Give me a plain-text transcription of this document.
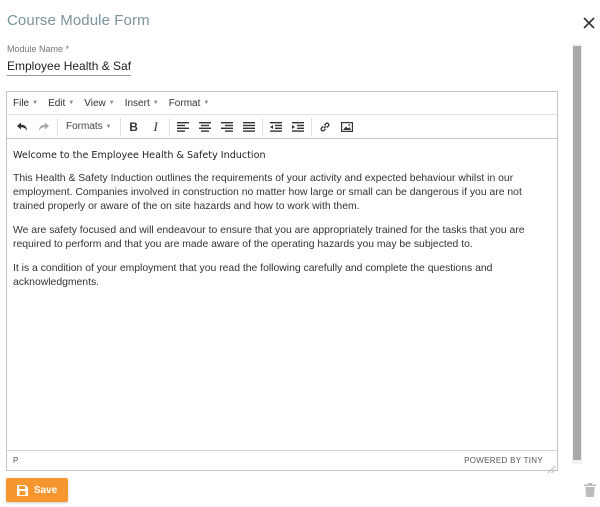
Course Module Form
Module Name *
Employee Health & Safety Induction
File ▼ Edit ▼ View ▼ Insert ▼ Format ▼
Formats ▼	B	I
Welcome to the Employee Health & Safety Induction

This Health & Safety Induction outlines the requirements of your activity and expected behaviour whilst in our employment. Companies involved in construction no matter how large or small can be dangerous if you are not trained properly or aware of the on site hazards and how to work with them.

We are safety focused and will endeavour to ensure that you are appropriately trained for the tasks that you are required to perform and that you are made aware of the operating hazards you may be subjected to.

It is a condition of your employment that you read the following carefully and complete the questions and acknowledgments.

P	POWERED BY TINY
Save
